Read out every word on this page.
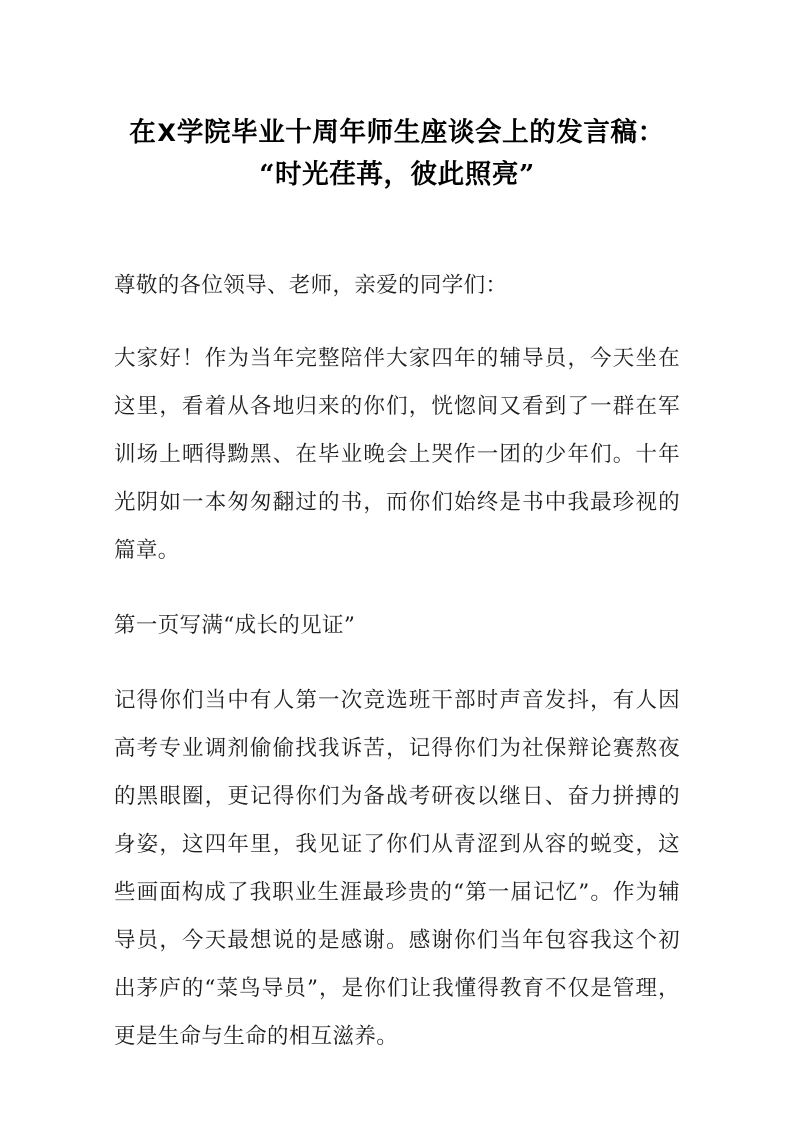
在X学院毕业十周年师生座谈会上的发言稿：
“时光荏苒，彼此照亮”

尊敬的各位领导、老师，亲爱的同学们：

大家好！作为当年完整陪伴大家四年的辅导员，今天坐在这里，看着从各地归来的你们，恍惚间又看到了一群在军训场上晒得黝黑、在毕业晚会上哭作一团的少年们。十年光阴如一本匆匆翻过的书，而你们始终是书中我最珍视的篇章。

第一页写满“成长的见证”

记得你们当中有人第一次竞选班干部时声音发抖，有人因高考专业调剂偷偷找我诉苦，记得你们为社保辩论赛熬夜的黑眼圈，更记得你们为备战考研夜以继日、奋力拼搏的身姿，这四年里，我见证了你们从青涩到从容的蜕变，这些画面构成了我职业生涯最珍贵的“第一届记忆”。作为辅导员，今天最想说的是感谢。感谢你们当年包容我这个初出茅庐的“菜鸟导员”，是你们让我懂得教育不仅是管理，更是生命与生命的相互滋养。
